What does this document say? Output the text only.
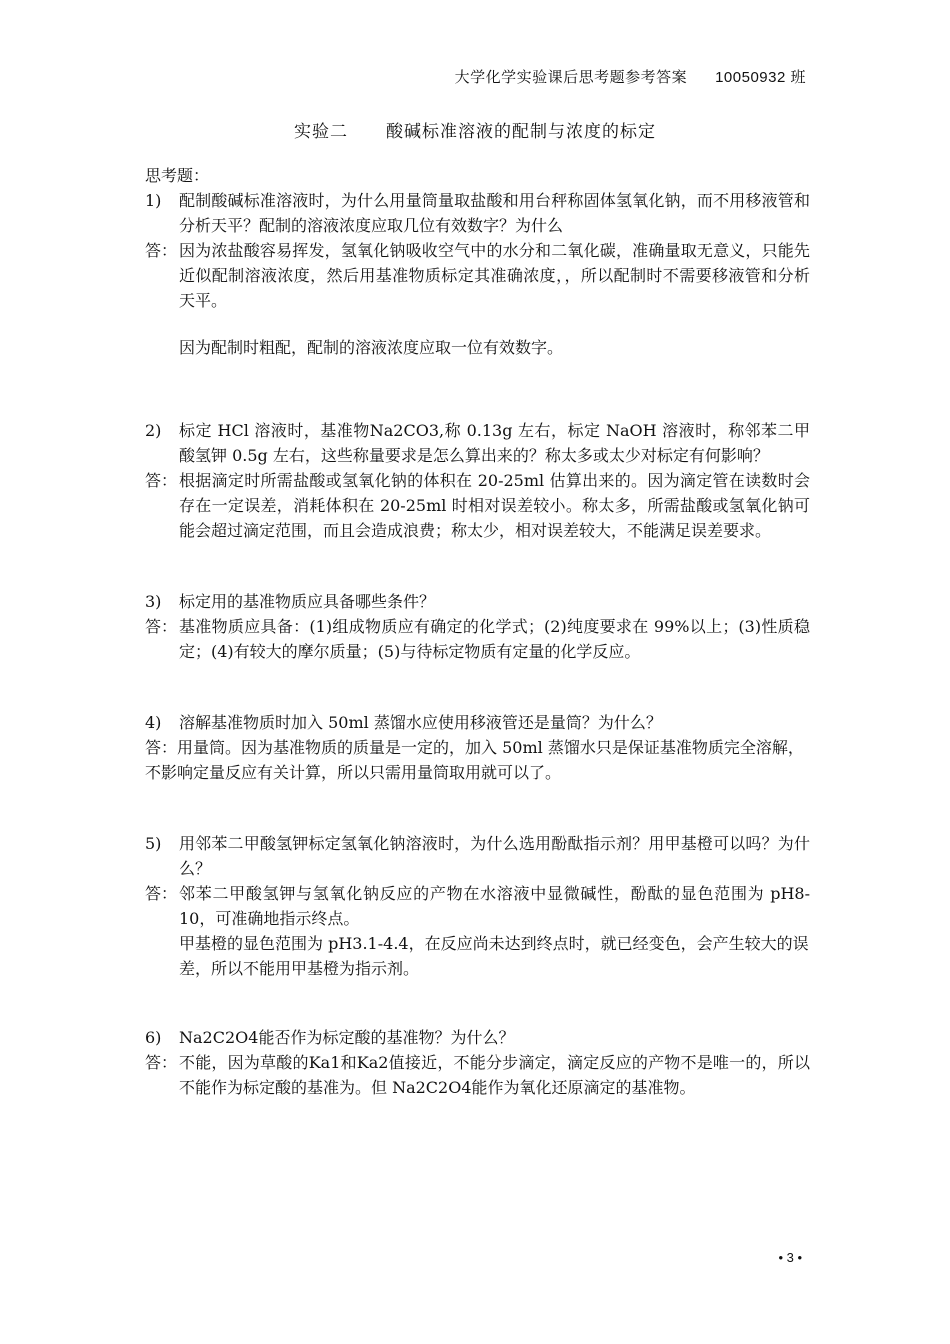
大学化学实验课后思考题参考答案 10050932 班
实验二 酸碱标准溶液的配制与浓度的标定
思考题：
1)	配制酸碱标准溶液时，为什么用量筒量取盐酸和用台秤称固体氢氧化钠，而不用移液管和分析天平？配制的溶液浓度应取几位有效数字？为什么
答： 因为浓盐酸容易挥发，氢氧化钠吸收空气中的水分和二氧化碳，准确量取无意义，只能先近似配制溶液浓度，然后用基准物质标定其准确浓度，，所以配制时不需要移液管和分析天平。
因为配制时粗配，配制的溶液浓度应取一位有效数字。
2)	标定 HCl 溶液时，基准物Na2CO3,称 0.13g 左右，标定 NaOH 溶液时，称邻苯二甲酸氢钾 0.5g 左右，这些称量要求是怎么算出来的？称太多或太少对标定有何影响？
答： 根据滴定时所需盐酸或氢氧化钠的体积在 20-25ml 估算出来的。因为滴定管在读数时会存在一定误差，消耗体积在 20-25ml 时相对误差较小。称太多，所需盐酸或氢氧化钠可能会超过滴定范围，而且会造成浪费；称太少，相对误差较大，不能满足误差要求。
3)	标定用的基准物质应具备哪些条件？
答： 基准物质应具备：(1)组成物质应有确定的化学式；(2)纯度要求在 99%以上；(3)性质稳定；(4)有较大的摩尔质量；(5)与待标定物质有定量的化学反应。
4)	溶解基准物质时加入 50ml 蒸馏水应使用移液管还是量筒？为什么？
答：用量筒。因为基准物质的质量是一定的，加入 50ml 蒸馏水只是保证基准物质完全溶解，不影响定量反应有关计算，所以只需用量筒取用就可以了。
5)	用邻苯二甲酸氢钾标定氢氧化钠溶液时，为什么选用酚酞指示剂？用甲基橙可以吗？为什么？
答： 邻苯二甲酸氢钾与氢氧化钠反应的产物在水溶液中显微碱性，酚酞的显色范围为 pH8-10，可准确地指示终点。
甲基橙的显色范围为 pH3.1-4.4，在反应尚未达到终点时，就已经变色，会产生较大的误差，所以不能用甲基橙为指示剂。
6)	Na2C2O4能否作为标定酸的基准物？为什么？
答： 不能，因为草酸的Ka1和Ka2值接近，不能分步滴定，滴定反应的产物不是唯一的，所以不能作为标定酸的基准为。但 Na2C2O4能作为氧化还原滴定的基准物。
• 3 •
